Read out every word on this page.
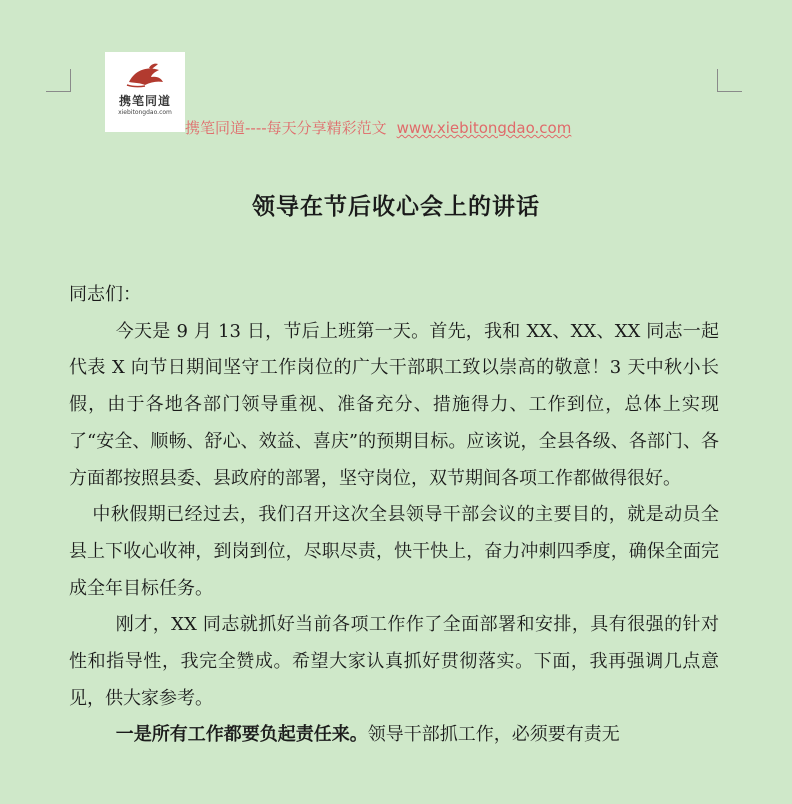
携笔同道
xiebitongdao.com
携笔同道----每天分享精彩范文 www.xiebitongdao.com
领导在节后收心会上的讲话

同志们：

今天是 9 月 13 日，节后上班第一天。首先，我和 XX、XX、XX 同志一起代表 X 向节日期间坚守工作岗位的广大干部职工致以崇高的敬意！3 天中秋小长假，由于各地各部门领导重视、准备充分、措施得力、工作到位，总体上实现了“安全、顺畅、舒心、效益、喜庆”的预期目标。应该说，全县各级、各部门、各方面都按照县委、县政府的部署，坚守岗位，双节期间各项工作都做得很好。

中秋假期已经过去，我们召开这次全县领导干部会议的主要目的，就是动员全县上下收心收神，到岗到位，尽职尽责，快干快上，奋力冲刺四季度，确保全面完成全年目标任务。

刚才，XX 同志就抓好当前各项工作作了全面部署和安排，具有很强的针对性和指导性，我完全赞成。希望大家认真抓好贯彻落实。下面，我再强调几点意见，供大家参考。

一是所有工作都要负起责任来。领导干部抓工作，必须要有责无
